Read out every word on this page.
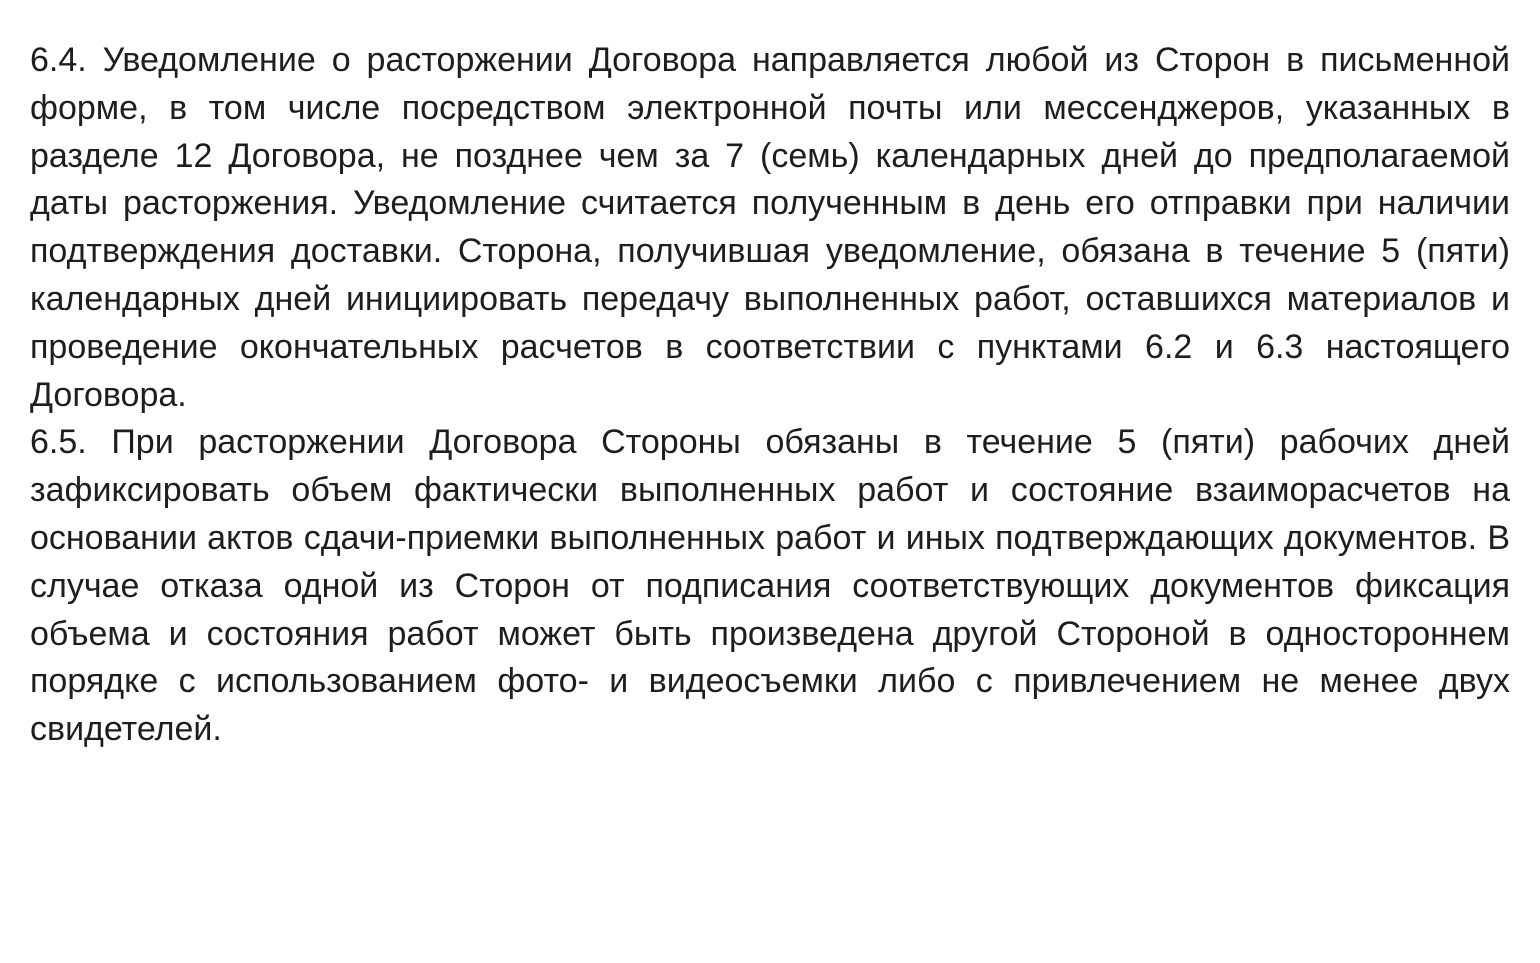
6.4. Уведомление о расторжении Договора направляется любой из Сторон в письменной форме, в том числе посредством электронной почты или мессенджеров, указанных в разделе 12 Договора, не позднее чем за 7 (семь) календарных дней до предполагаемой даты расторжения. Уведомление считается полученным в день его отправки при наличии подтверждения доставки. Сторона, получившая уведомление, обязана в течение 5 (пяти) календарных дней инициировать передачу выполненных работ, оставшихся материалов и проведение окончательных расчетов в соответствии с пунктами 6.2 и 6.3 настоящего Договора.

6.5. При расторжении Договора Стороны обязаны в течение 5 (пяти) рабочих дней зафиксировать объем фактически выполненных работ и состояние взаиморасчетов на основании актов сдачи-приемки выполненных работ и иных подтверждающих документов. В случае отказа одной из Сторон от подписания соответствующих документов фиксация объема и состояния работ может быть произведена другой Стороной в одностороннем порядке с использованием фото- и видеосъемки либо с привлечением не менее двух свидетелей.
